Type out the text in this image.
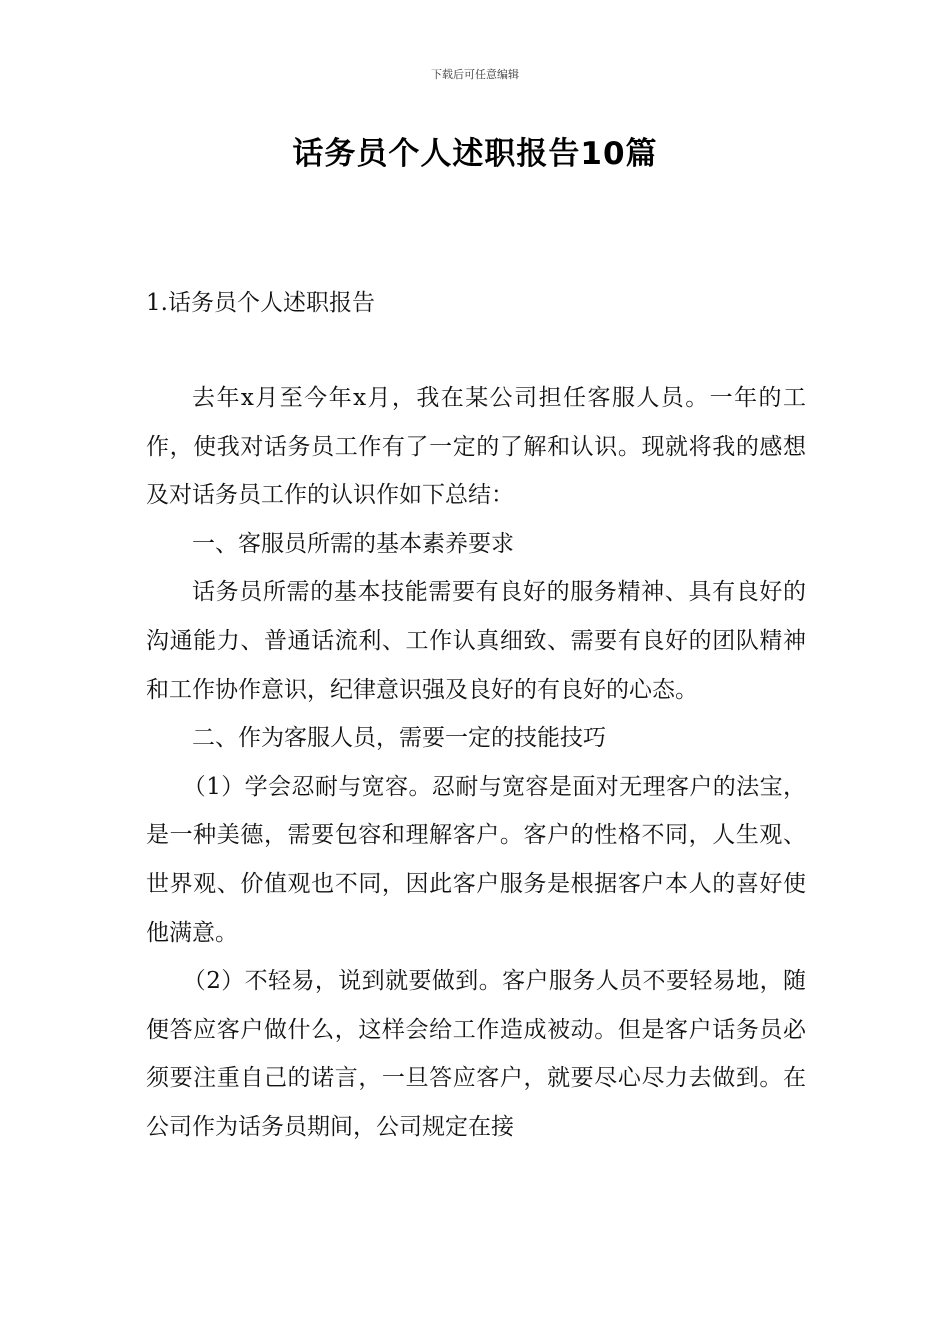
下载后可任意编辑
话务员个人述职报告10篇
1.话务员个人述职报告

去年x月至今年x月，我在某公司担任客服人员。一年的工作，使我对话务员工作有了一定的了解和认识。现就将我的感想及对话务员工作的认识作如下总结：

一、客服员所需的基本素养要求

话务员所需的基本技能需要有良好的服务精神、具有良好的沟通能力、普通话流利、工作认真细致、需要有良好的团队精神和工作协作意识，纪律意识强及良好的有良好的心态。

二、作为客服人员，需要一定的技能技巧

（1）学会忍耐与宽容。忍耐与宽容是面对无理客户的法宝，是一种美德，需要包容和理解客户。客户的性格不同，人生观、世界观、价值观也不同，因此客户服务是根据客户本人的喜好使他满意。

（2）不轻易，说到就要做到。客户服务人员不要轻易地，随便答应客户做什么，这样会给工作造成被动。但是客户话务员必须要注重自己的诺言，一旦答应客户，就要尽心尽力去做到。在公司作为话务员期间，公司规定在接
